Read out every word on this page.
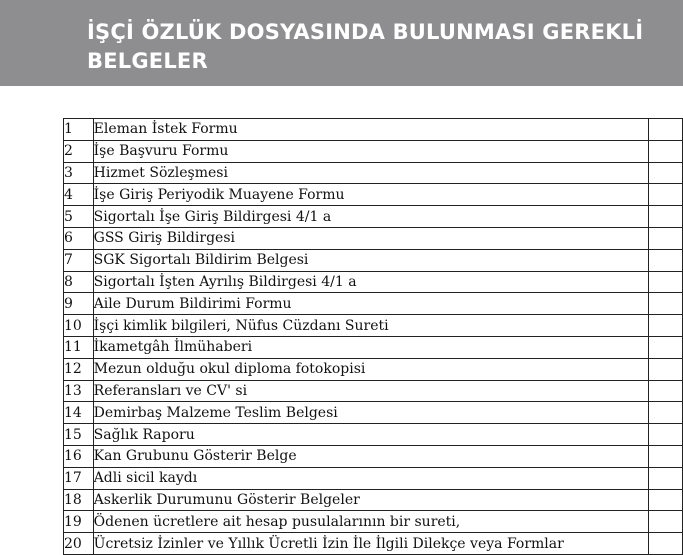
İŞÇİ ÖZLÜK DOSYASINDA BULUNMASI GEREKLİ BELGELER
1	Eleman İstek Formu	
2	İşe Başvuru Formu	
3	Hizmet Sözleşmesi	
4	İşe Giriş Periyodik Muayene Formu	
5	Sigortalı İşe Giriş Bildirgesi 4/1 a	
6	GSS Giriş Bildirgesi	
7	SGK Sigortalı Bildirim Belgesi	
8	Sigortalı İşten Ayrılış Bildirgesi 4/1 a	
9	Aile Durum Bildirimi Formu	
10	İşçi kimlik bilgileri, Nüfus Cüzdanı Sureti	
11	İkametgâh İlmühaberi	
12	Mezun olduğu okul diploma fotokopisi	
13	Referansları ve CV' si	
14	Demirbaş Malzeme Teslim Belgesi	
15	Sağlık Raporu	
16	Kan Grubunu Gösterir Belge	
17	Adli sicil kaydı	
18	Askerlik Durumunu Gösterir Belgeler	
19	Ödenen ücretlere ait hesap pusulalarının bir sureti,	
20	Ücretsiz İzinler ve Yıllık Ücretli İzin İle İlgili Dilekçe veya Formlar	
